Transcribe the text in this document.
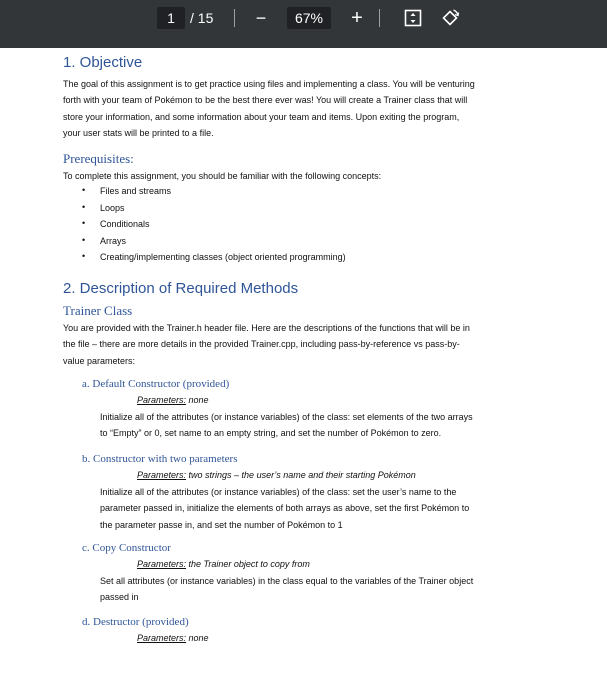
1	/ 15	−	67%	+
1. Objective
The goal of this assignment is to get practice using files and implementing a class. You will be venturing
forth with your team of Pokémon to be the best there ever was! You will create a Trainer class that will
store your information, and some information about your team and items. Upon exiting the program,
your user stats will be printed to a file.
Prerequisites:
To complete this assignment, you should be familiar with the following concepts:
• Files and streams
• Loops
• Conditionals
• Arrays
• Creating/implementing classes (object oriented programming)
2. Description of Required Methods
Trainer Class
You are provided with the Trainer.h header file. Here are the descriptions of the functions that will be in
the file – there are more details in the provided Trainer.cpp, including pass-by-reference vs pass-by-
value parameters:
a. Default Constructor (provided)
Parameters: none
Initialize all of the attributes (or instance variables) of the class: set elements of the two arrays
to “Empty” or 0, set name to an empty string, and set the number of Pokémon to zero.
b. Constructor with two parameters
Parameters: two strings – the user’s name and their starting Pokémon
Initialize all of the attributes (or instance variables) of the class: set the user’s name to the
parameter passed in, initialize the elements of both arrays as above, set the first Pokémon to
the parameter passe in, and set the number of Pokémon to 1
c. Copy Constructor
Parameters: the Trainer object to copy from
Set all attributes (or instance variables) in the class equal to the variables of the Trainer object
passed in
d. Destructor (provided)
Parameters: none
